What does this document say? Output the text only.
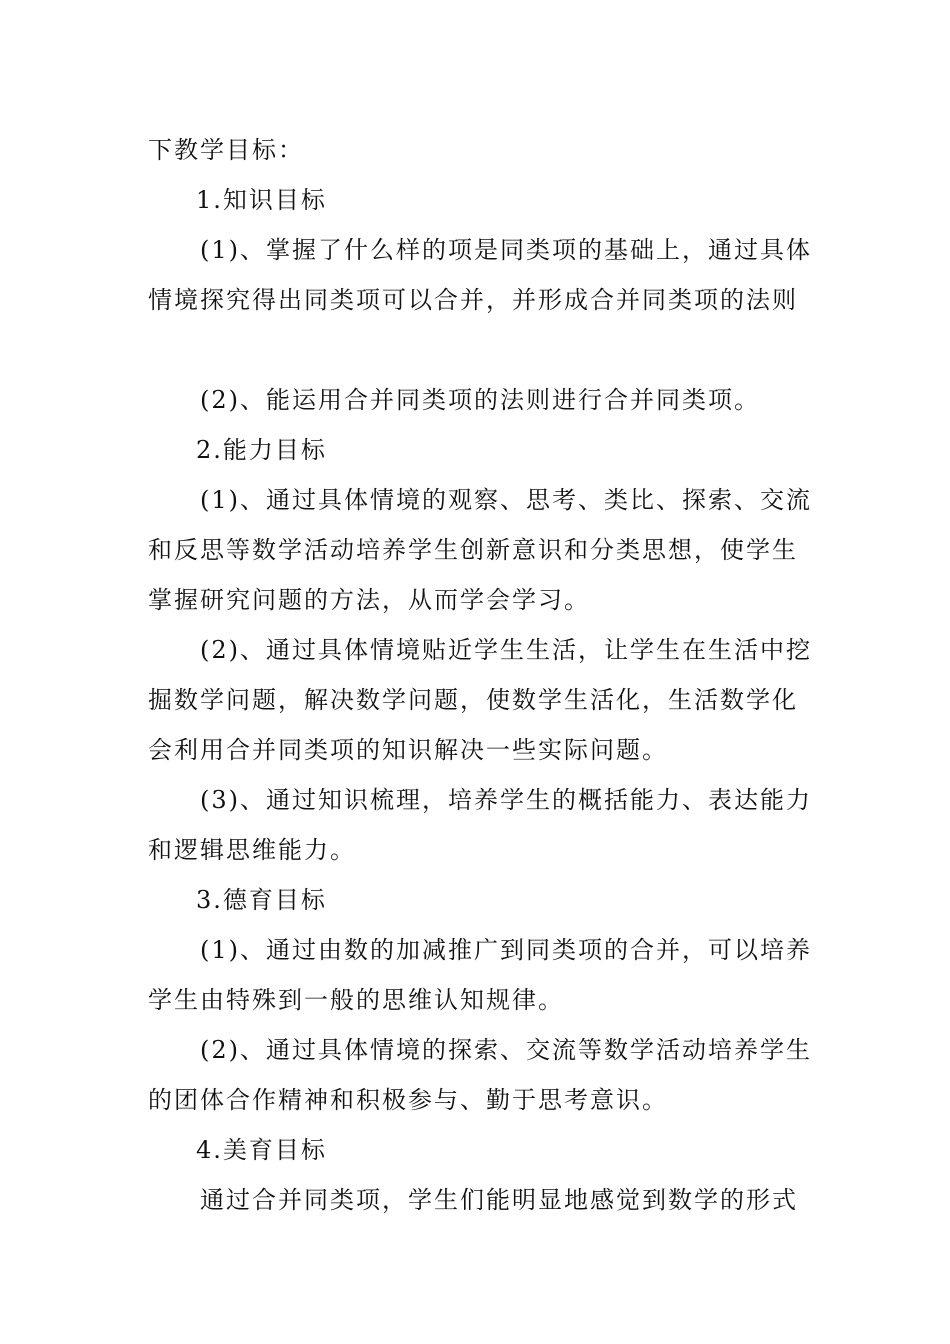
下教学目标：
1.知识目标
(1)、掌握了什么样的项是同类项的基础上，通过具体
情境探究得出同类项可以合并，并形成合并同类项的法则
(2)、能运用合并同类项的法则进行合并同类项。
2.能力目标
(1)、通过具体情境的观察、思考、类比、探索、交流
和反思等数学活动培养学生创新意识和分类思想，使学生
掌握研究问题的方法，从而学会学习。
(2)、通过具体情境贴近学生生活，让学生在生活中挖
掘数学问题，解决数学问题，使数学生活化，生活数学化
会利用合并同类项的知识解决一些实际问题。
(3)、通过知识梳理，培养学生的概括能力、表达能力
和逻辑思维能力。
3.德育目标
(1)、通过由数的加减推广到同类项的合并，可以培养
学生由特殊到一般的思维认知规律。
(2)、通过具体情境的探索、交流等数学活动培养学生
的团体合作精神和积极参与、勤于思考意识。
4.美育目标
通过合并同类项，学生们能明显地感觉到数学的形式
